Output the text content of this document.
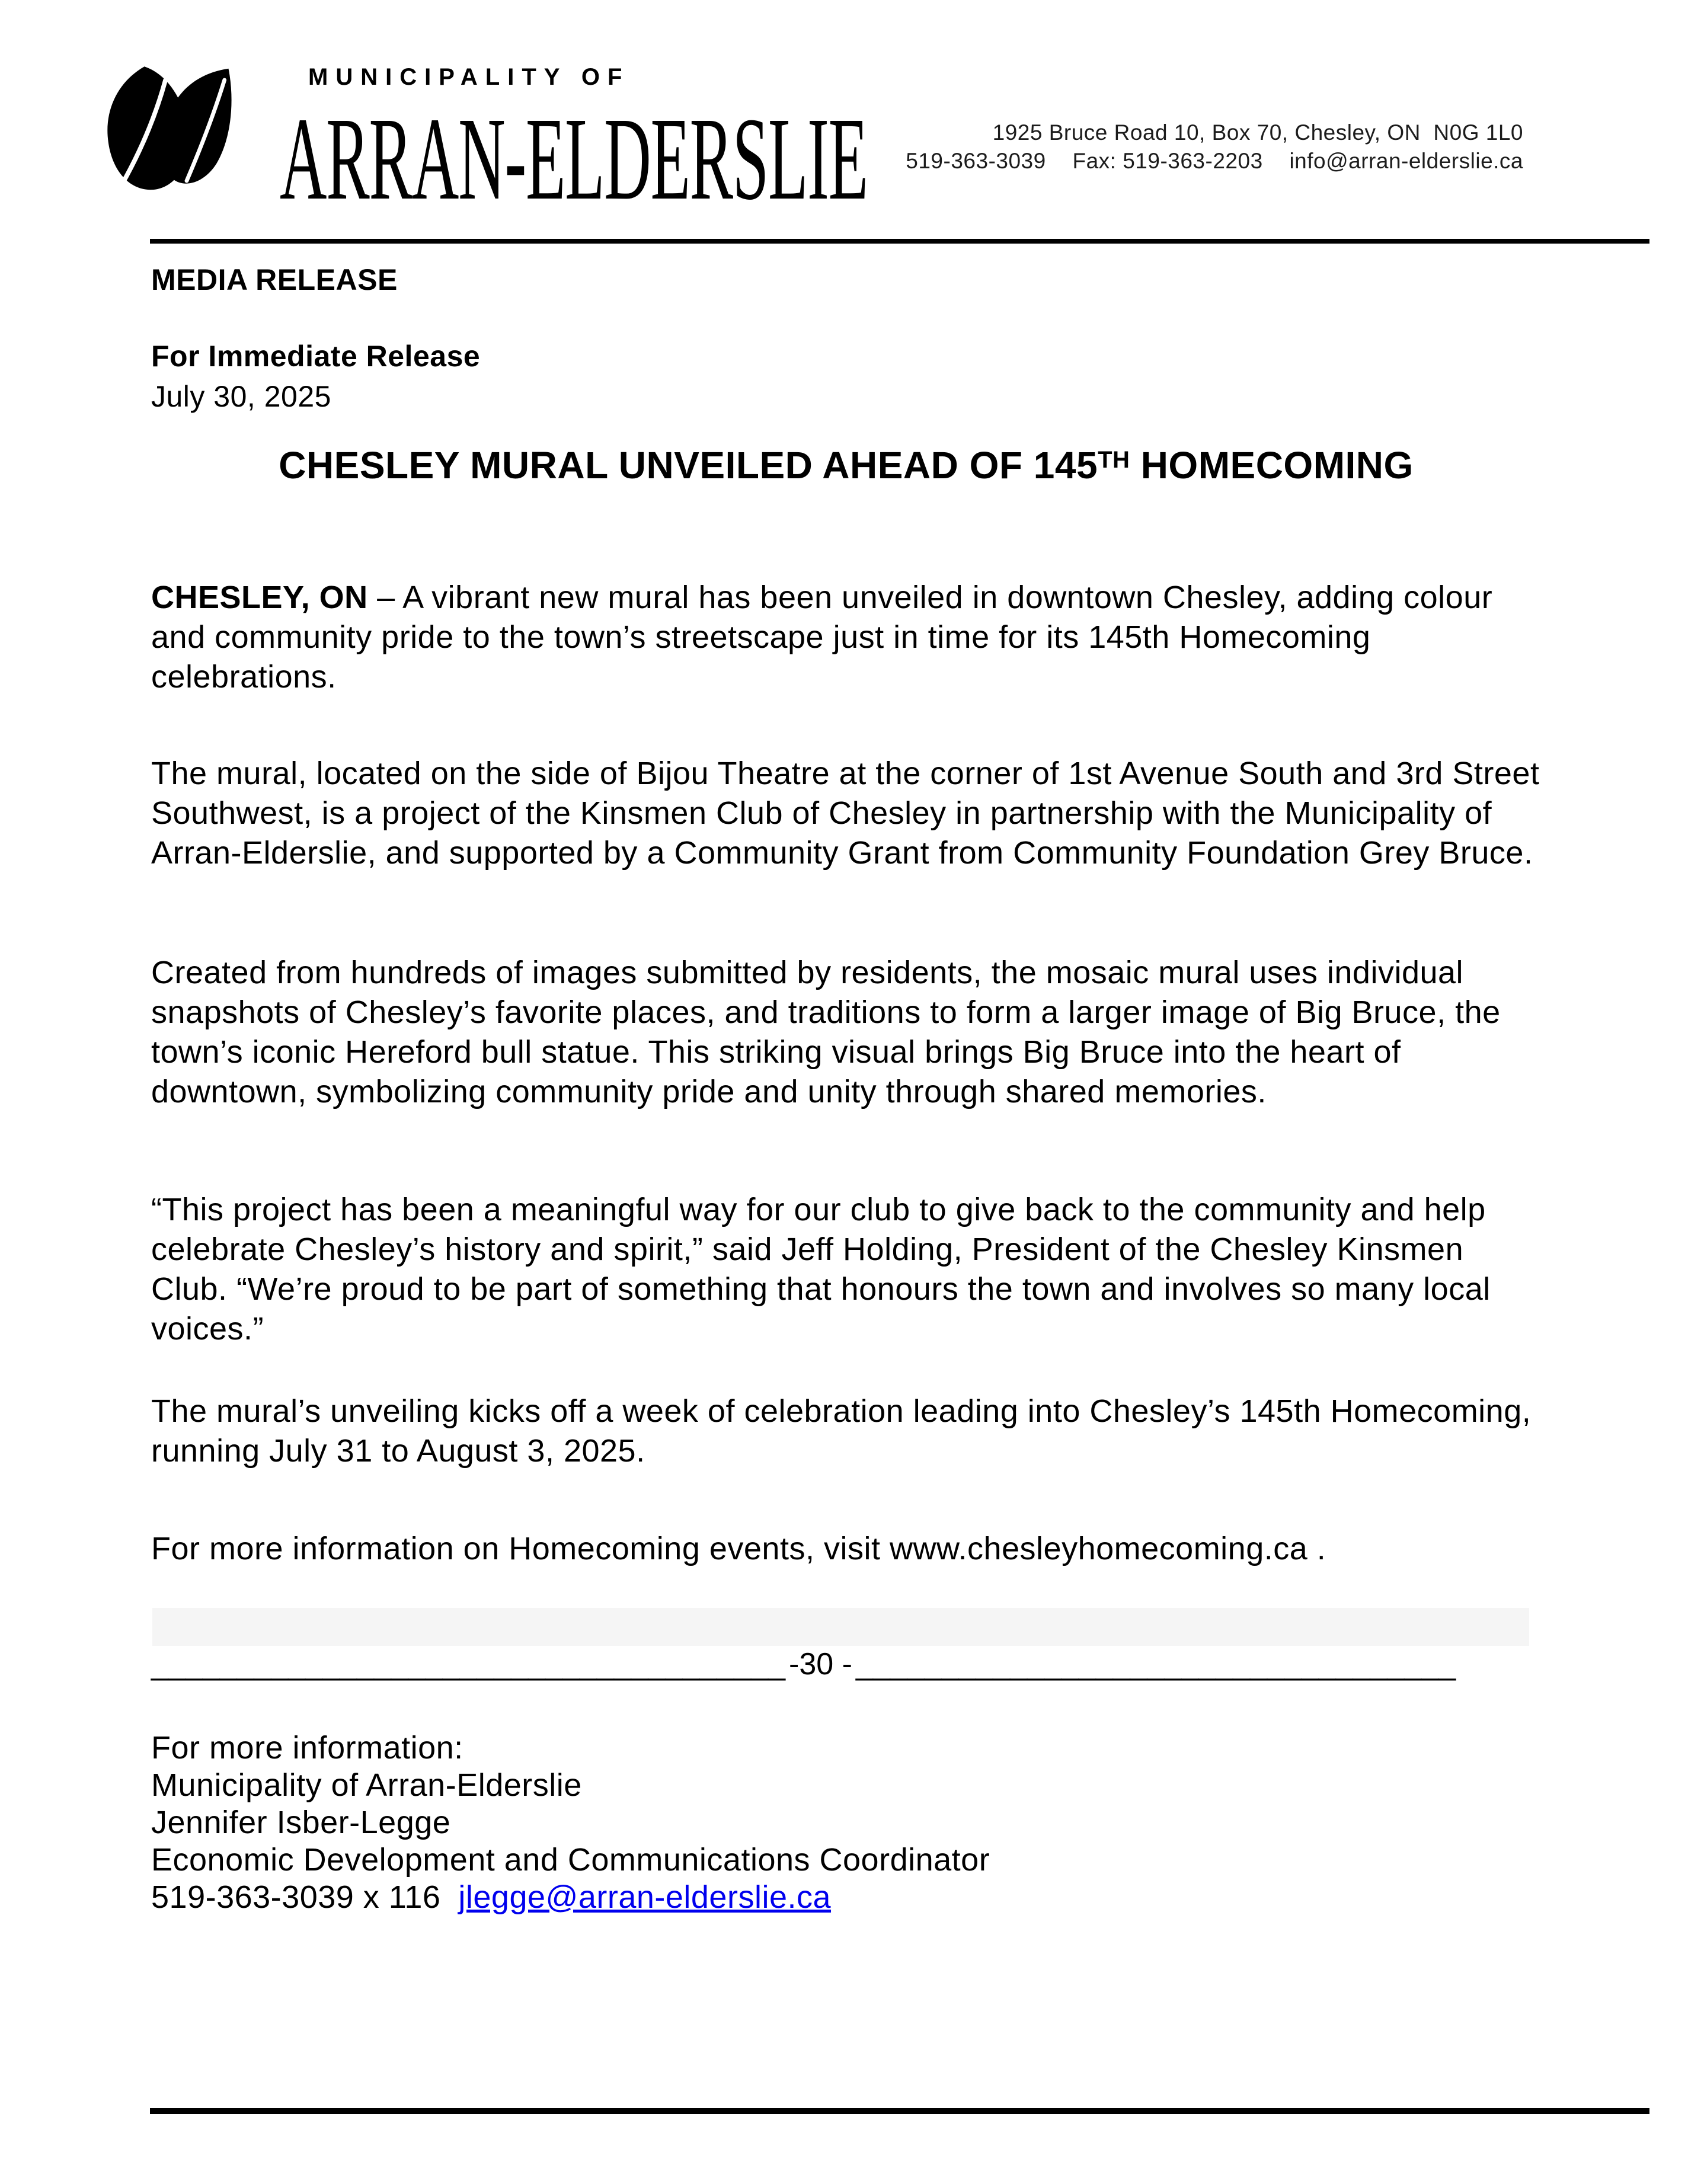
MUNICIPALITY OF
ARRAN-ELDERSLIE	1925 Bruce Road 10, Box 70, Chesley, ON  N0G 1L0
519-363-3039 Fax: 519-363-2203 info@arran-elderslie.ca
MEDIA RELEASE
For Immediate Release
July 30, 2025
CHESLEY MURAL UNVEILED AHEAD OF 145TH HOMECOMING

CHESLEY, ON – A vibrant new mural has been unveiled in downtown Chesley, adding colour and community pride to the town’s streetscape just in time for its 145th Homecoming celebrations.

The mural, located on the side of Bijou Theatre at the corner of 1st Avenue South and 3rd Street Southwest, is a project of the Kinsmen Club of Chesley in partnership with the Municipality of Arran-Elderslie, and supported by a Community Grant from Community Foundation Grey Bruce.

Created from hundreds of images submitted by residents, the mosaic mural uses individual snapshots of Chesley’s favorite places, and traditions to form a larger image of Big Bruce, the town’s iconic Hereford bull statue. This striking visual brings Big Bruce into the heart of downtown, symbolizing community pride and unity through shared memories.

“This project has been a meaningful way for our club to give back to the community and help celebrate Chesley’s history and spirit,” said Jeff Holding, President of the Chesley Kinsmen Club. “We’re proud to be part of something that honours the town and involves so many local voices.”

The mural’s unveiling kicks off a week of celebration leading into Chesley’s 145th Homecoming, running July 31 to August 3, 2025.

For more information on Homecoming events, visit www.chesleyhomecoming.ca .

_____________________________________ -30 - ___________________________________
For more information:
Municipality of Arran-Elderslie
Jennifer Isber-Legge
Economic Development and Communications Coordinator
519-363-3039 x 116 jlegge@arran-elderslie.ca
